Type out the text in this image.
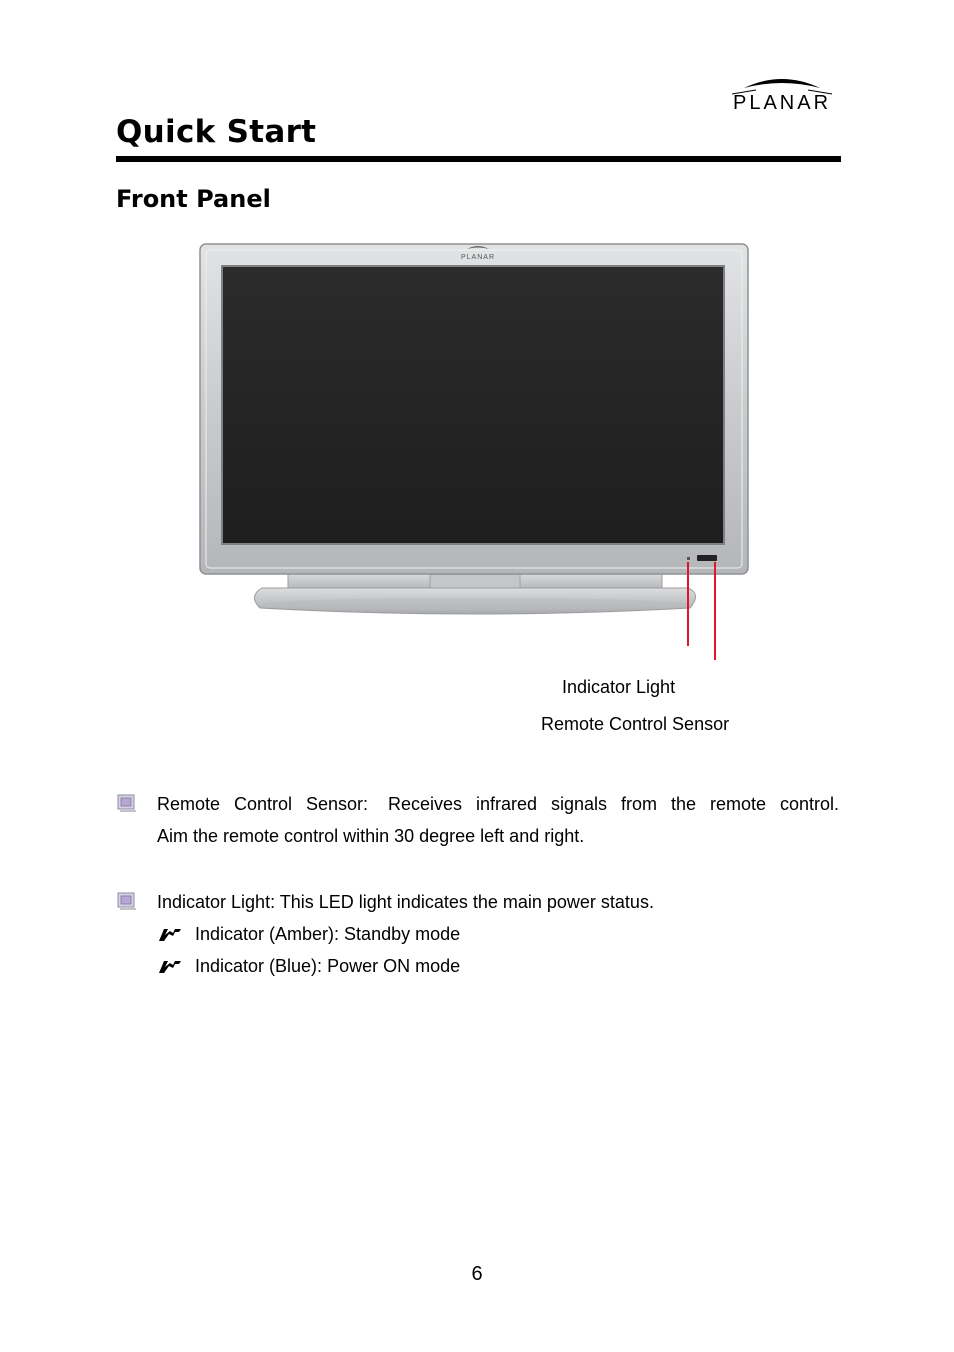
PLANAR
Quick Start
Front Panel
PLANAR
Indicator Light
Remote Control Sensor
Remote Control Sensor: Receives infrared signals from the remote control.
Aim the remote control within 30 degree left and right.
Indicator Light: This LED light indicates the main power status.
Indicator (Amber): Standby mode
Indicator (Blue): Power ON mode
6
